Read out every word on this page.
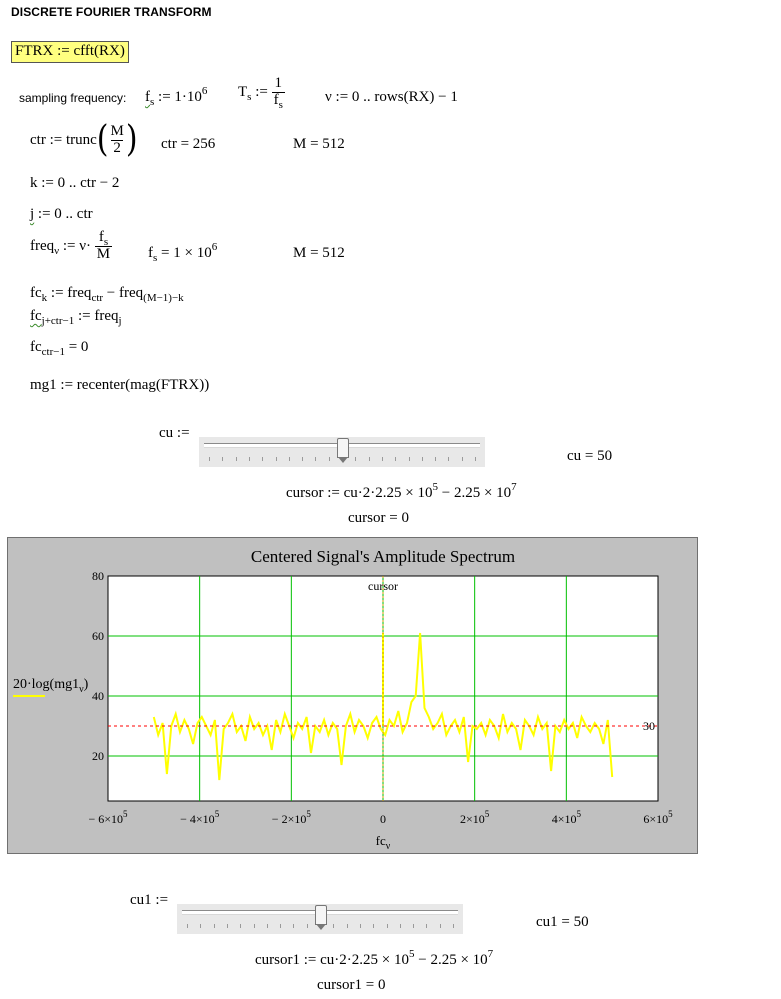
DISCRETE FOURIER TRANSFORM
FTRX := cfft(RX)
sampling frequency: $f_s$ := $1\cdot 10^6$ $T_s$ := $\frac{1}{f_s}$	ν := 0 .. rows(RX) − 1
ctr := trunc( $\frac{M}{2}$ ) ctr = 256	M = 512
k := 0 .. ctr − 2
j := 0 .. ctr
freq$_\nu$ := $\nu\cdot \frac{f_s}{M} f_s = 1 \times 10^6$	M = 512
$fc_k$ := freq$_{ctr}$ − freq$_{(M-1)-k}$
$fc_{j+ctr-1}$ := freq$_j$
$fc_{ctr-1} = 0$
mg1 := recenter(mag(FTRX))
cu :=
cu = 50
cursor := $cu\cdot 2\cdot 2.25 \times 10^5 - 2.25 \times 10^7$
cursor = 0
30
cursor
20
40
60
80
− $6\times 10^5$	− $4\times 10^5$	− $2\times 10^5$	0	$2\times 10^5$	$4\times 10^5$	$6\times 10^5$
Centered Signal's Amplitude Spectrum
$fc_\nu$
$20\cdot\log(mg1_\nu)$
cu1 :=
cu1 = 50
cursor1 := $cu\cdot 2\cdot 2.25 \times 10^5 - 2.25 \times 10^7$
cursor1 = 0
